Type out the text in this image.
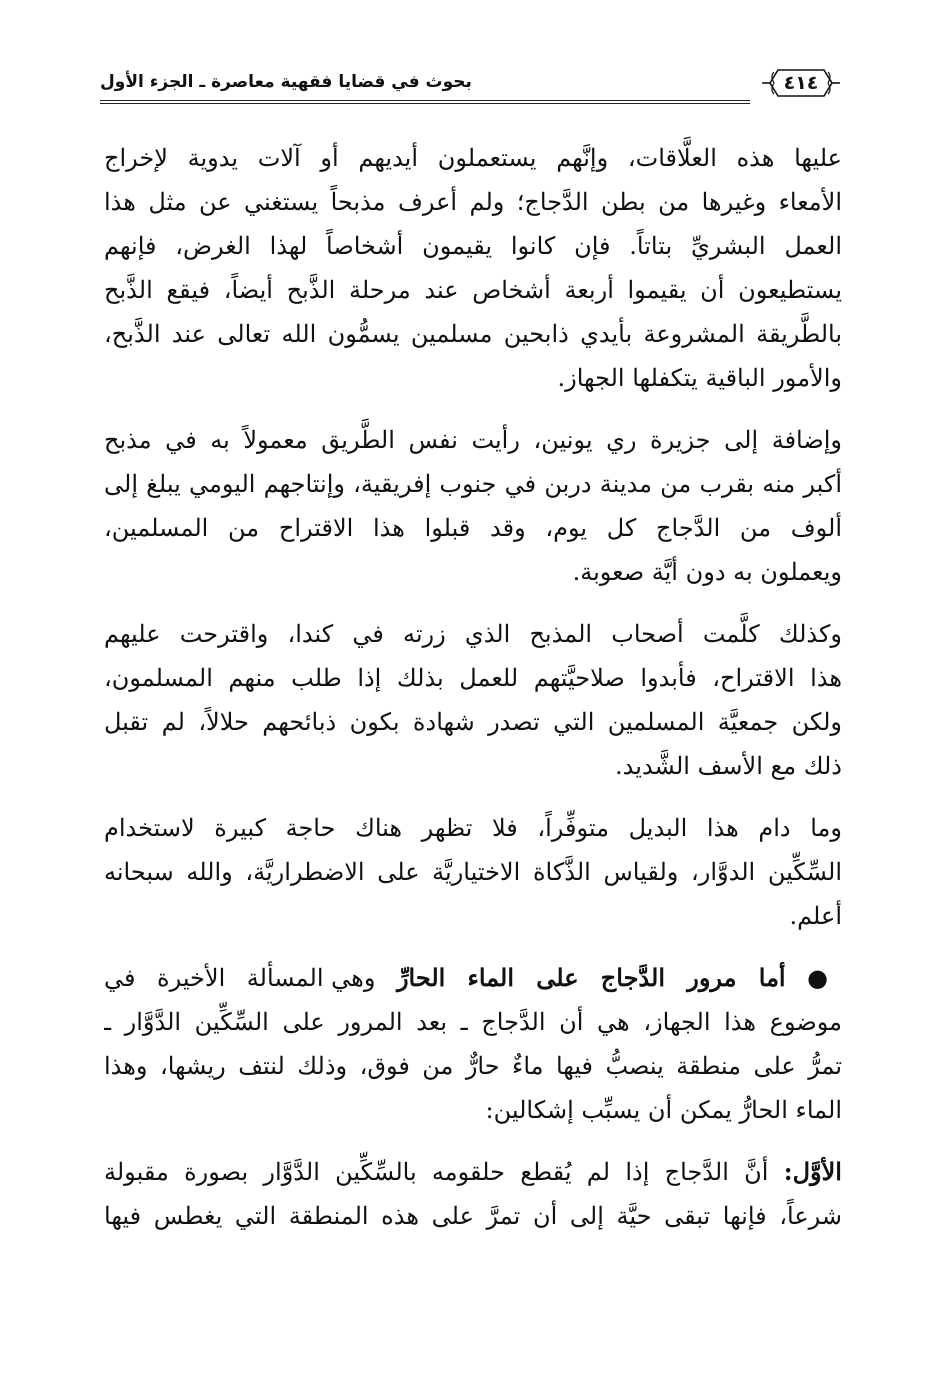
٤١٤
بحوث في قضايا فقهية معاصرة ـ الجزء الأول

عليها هذه العلَّاقات، وإنَّهم يستعملون أيديهم أو آلات يدوية لإخراج
الأمعاء وغيرها من بطن الدَّجاج؛ ولم أعرف مذبحاً يستغني عن مثل هذا
العمل البشريِّ بتاتاً. فإن كانوا يقيمون أشخاصاً لهذا الغرض، فإنهم
يستطيعون أن يقيموا أربعة أشخاص عند مرحلة الذَّبح أيضاً، فيقع الذَّبح
بالطَّريقة المشروعة بأيدي ذابحين مسلمين يسمُّون الله تعالى عند الذَّبح،
والأمور الباقية يتكفلها الجهاز.

وإضافة إلى جزيرة ري يونين، رأيت نفس الطَّريق معمولاً به في مذبح
أكبر منه بقرب من مدينة دربن في جنوب إفريقية، وإنتاجهم اليومي يبلغ إلى
ألوف من الدَّجاج كل يوم، وقد قبلوا هذا الاقتراح من المسلمين،
ويعملون به دون أيَّة صعوبة.

وكذلك كلَّمت أصحاب المذبح الذي زرته في كندا، واقترحت عليهم
هذا الاقتراح، فأبدوا صلاحيَّتهم للعمل بذلك إذا طلب منهم المسلمون،
ولكن جمعيَّة المسلمين التي تصدر شهادة بكون ذبائحهم حلالاً، لم تقبل
ذلك مع الأسف الشَّديد.

وما دام هذا البديل متوفِّراً، فلا تظهر هناك حاجة كبيرة لاستخدام
السِّكِّين الدوَّار، ولقياس الذَّكاة الاختياريَّة على الاضطراريَّة، والله سبحانه
أعلم.

● أما مرور الدَّجاج على الماء الحارِّ وهي المسألة الأخيرة في
موضوع هذا الجهاز، هي أن الدَّجاج ـ بعد المرور على السِّكِّين الدَّوَّار ـ
تمرُّ على منطقة ينصبُّ فيها ماءٌ حارٌّ من فوق، وذلك لنتف ريشها، وهذا
الماء الحارُّ يمكن أن يسبِّب إشكالين:

الأوَّل: أنَّ الدَّجاج إذا لم يُقطع حلقومه بالسِّكِّين الدَّوَّار بصورة مقبولة
شرعاً، فإنها تبقى حيَّة إلى أن تمرَّ على هذه المنطقة التي يغطس فيها
